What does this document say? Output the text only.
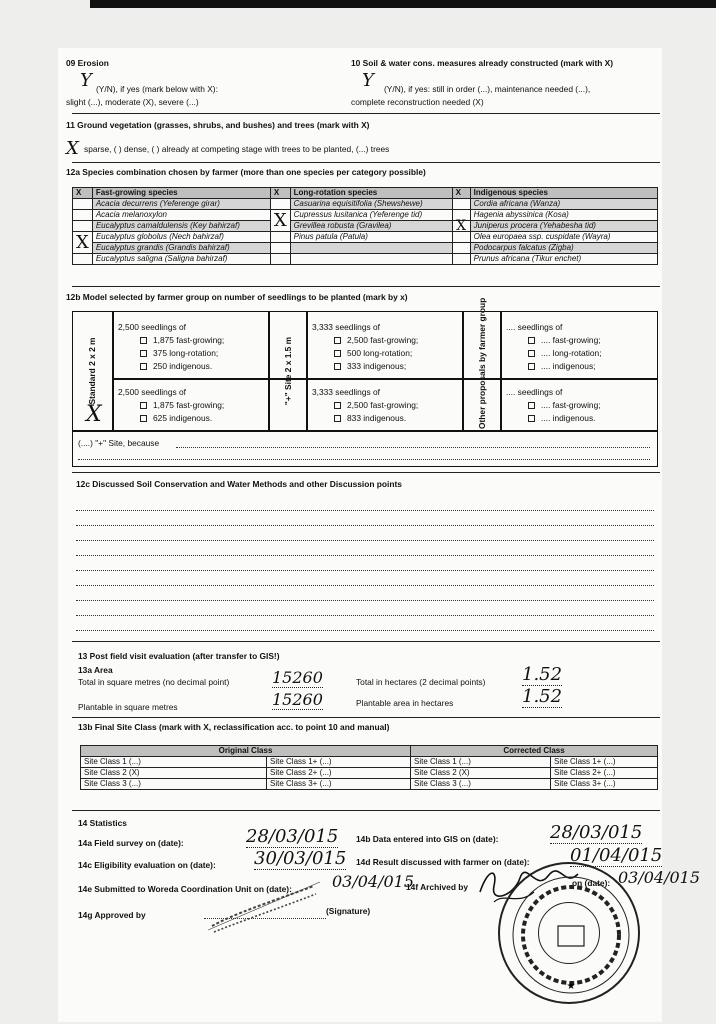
09 Erosion
Y (Y/N), if yes (mark below with X):
slight (...), moderate (X), severe (...)
10 Soil & water cons. measures already constructed (mark with X)
Y (Y/N), if yes: still in order (...), maintenance needed (...),
complete reconstruction needed (X)
11 Ground vegetation (grasses, shrubs, and bushes) and trees (mark with X)
X sparse, ( ) dense, ( ) already at competing stage with trees to be planted, (...) trees
12a Species combination chosen by farmer (more than one species per category possible)
X	Fast-growing species	X	Long-rotation species	X	Indigenous species
	Acacia decurrens (Yeferenge girar)		Casuarina equisitifolia (Shewshewe)		Cordia africana (Wanza)
	Acacia melanoxylon	X	Cupressus lusitanica (Yeferenge tid)		Hagenia abyssinica (Kosa)
	Eucalyptus camaldulensis (Key bahirzaf)		Grevillea robusta (Gravilea)	X	Juniperus procera (Yehabesha tid)
X	Eucalyptus globolus (Nech bahirzaf)		Pinus patula (Patula)		Olea europaea ssp. cuspidate (Wayra)
	Eucalyptus grandis (Grandis bahirzaf)				Podocarpus falcatus (Zigba)
	Eucalyptus saligna (Saligna bahirzaf)				Prunus africana (Tikur enchet)
12b Model selected by farmer group on number of seedlings to be planted (mark by x)
Standard 2 x 2 m	"+" Site 2 x 1.5 m	Other proposals by farmer group
X
2,500 seedlings of
1,875 fast-growing;
375 long-rotation;
250 indigenous.
2,500 seedlings of
1,875 fast-growing;
625 indigenous.
3,333 seedlings of
2,500 fast-growing;
500 long-rotation;
333 indigenous;
3,333 seedlings of
2,500 fast-growing;
833 indigenous.
.... seedlings of
.... fast-growing;
.... long-rotation;
.... indigenous;
.... seedlings of
.... fast-growing;
.... indigenous.
(....) "+" Site, because
12c Discussed Soil Conservation and Water Methods and other Discussion points
13 Post field visit evaluation (after transfer to GIS!)
13a Area
Total in square metres (no decimal point)	15260	Total in hectares (2 decimal points) 1.52
Plantable in square metres	15260	Plantable area in hectares	1.52
13b Final Site Class (mark with X, reclassification acc. to point 10 and manual)
Original Class		Corrected Class	
Site Class 1 (...)	Site Class 1+ (...)	Site Class 1 (...)	Site Class 1+ (...)
Site Class 2 (X)	Site Class 2+ (...)	Site Class 2 (X)	Site Class 2+ (...)
Site Class 3 (...)	Site Class 3+ (...)	Site Class 3 (...)	Site Class 3+ (...)
14 Statistics
14a Field survey on (date):	28/03/015 14b Data entered into GIS on (date):	28/03/015
14c Eligibility evaluation on (date): 30/03/015 14d Result discussed with farmer on (date): 01/04/015
14e Submitted to Woreda Coordination Unit on (date):	03/04/015
14f Archived by	on (date): 03/04/015
14g Approved by	(Signature)
★
